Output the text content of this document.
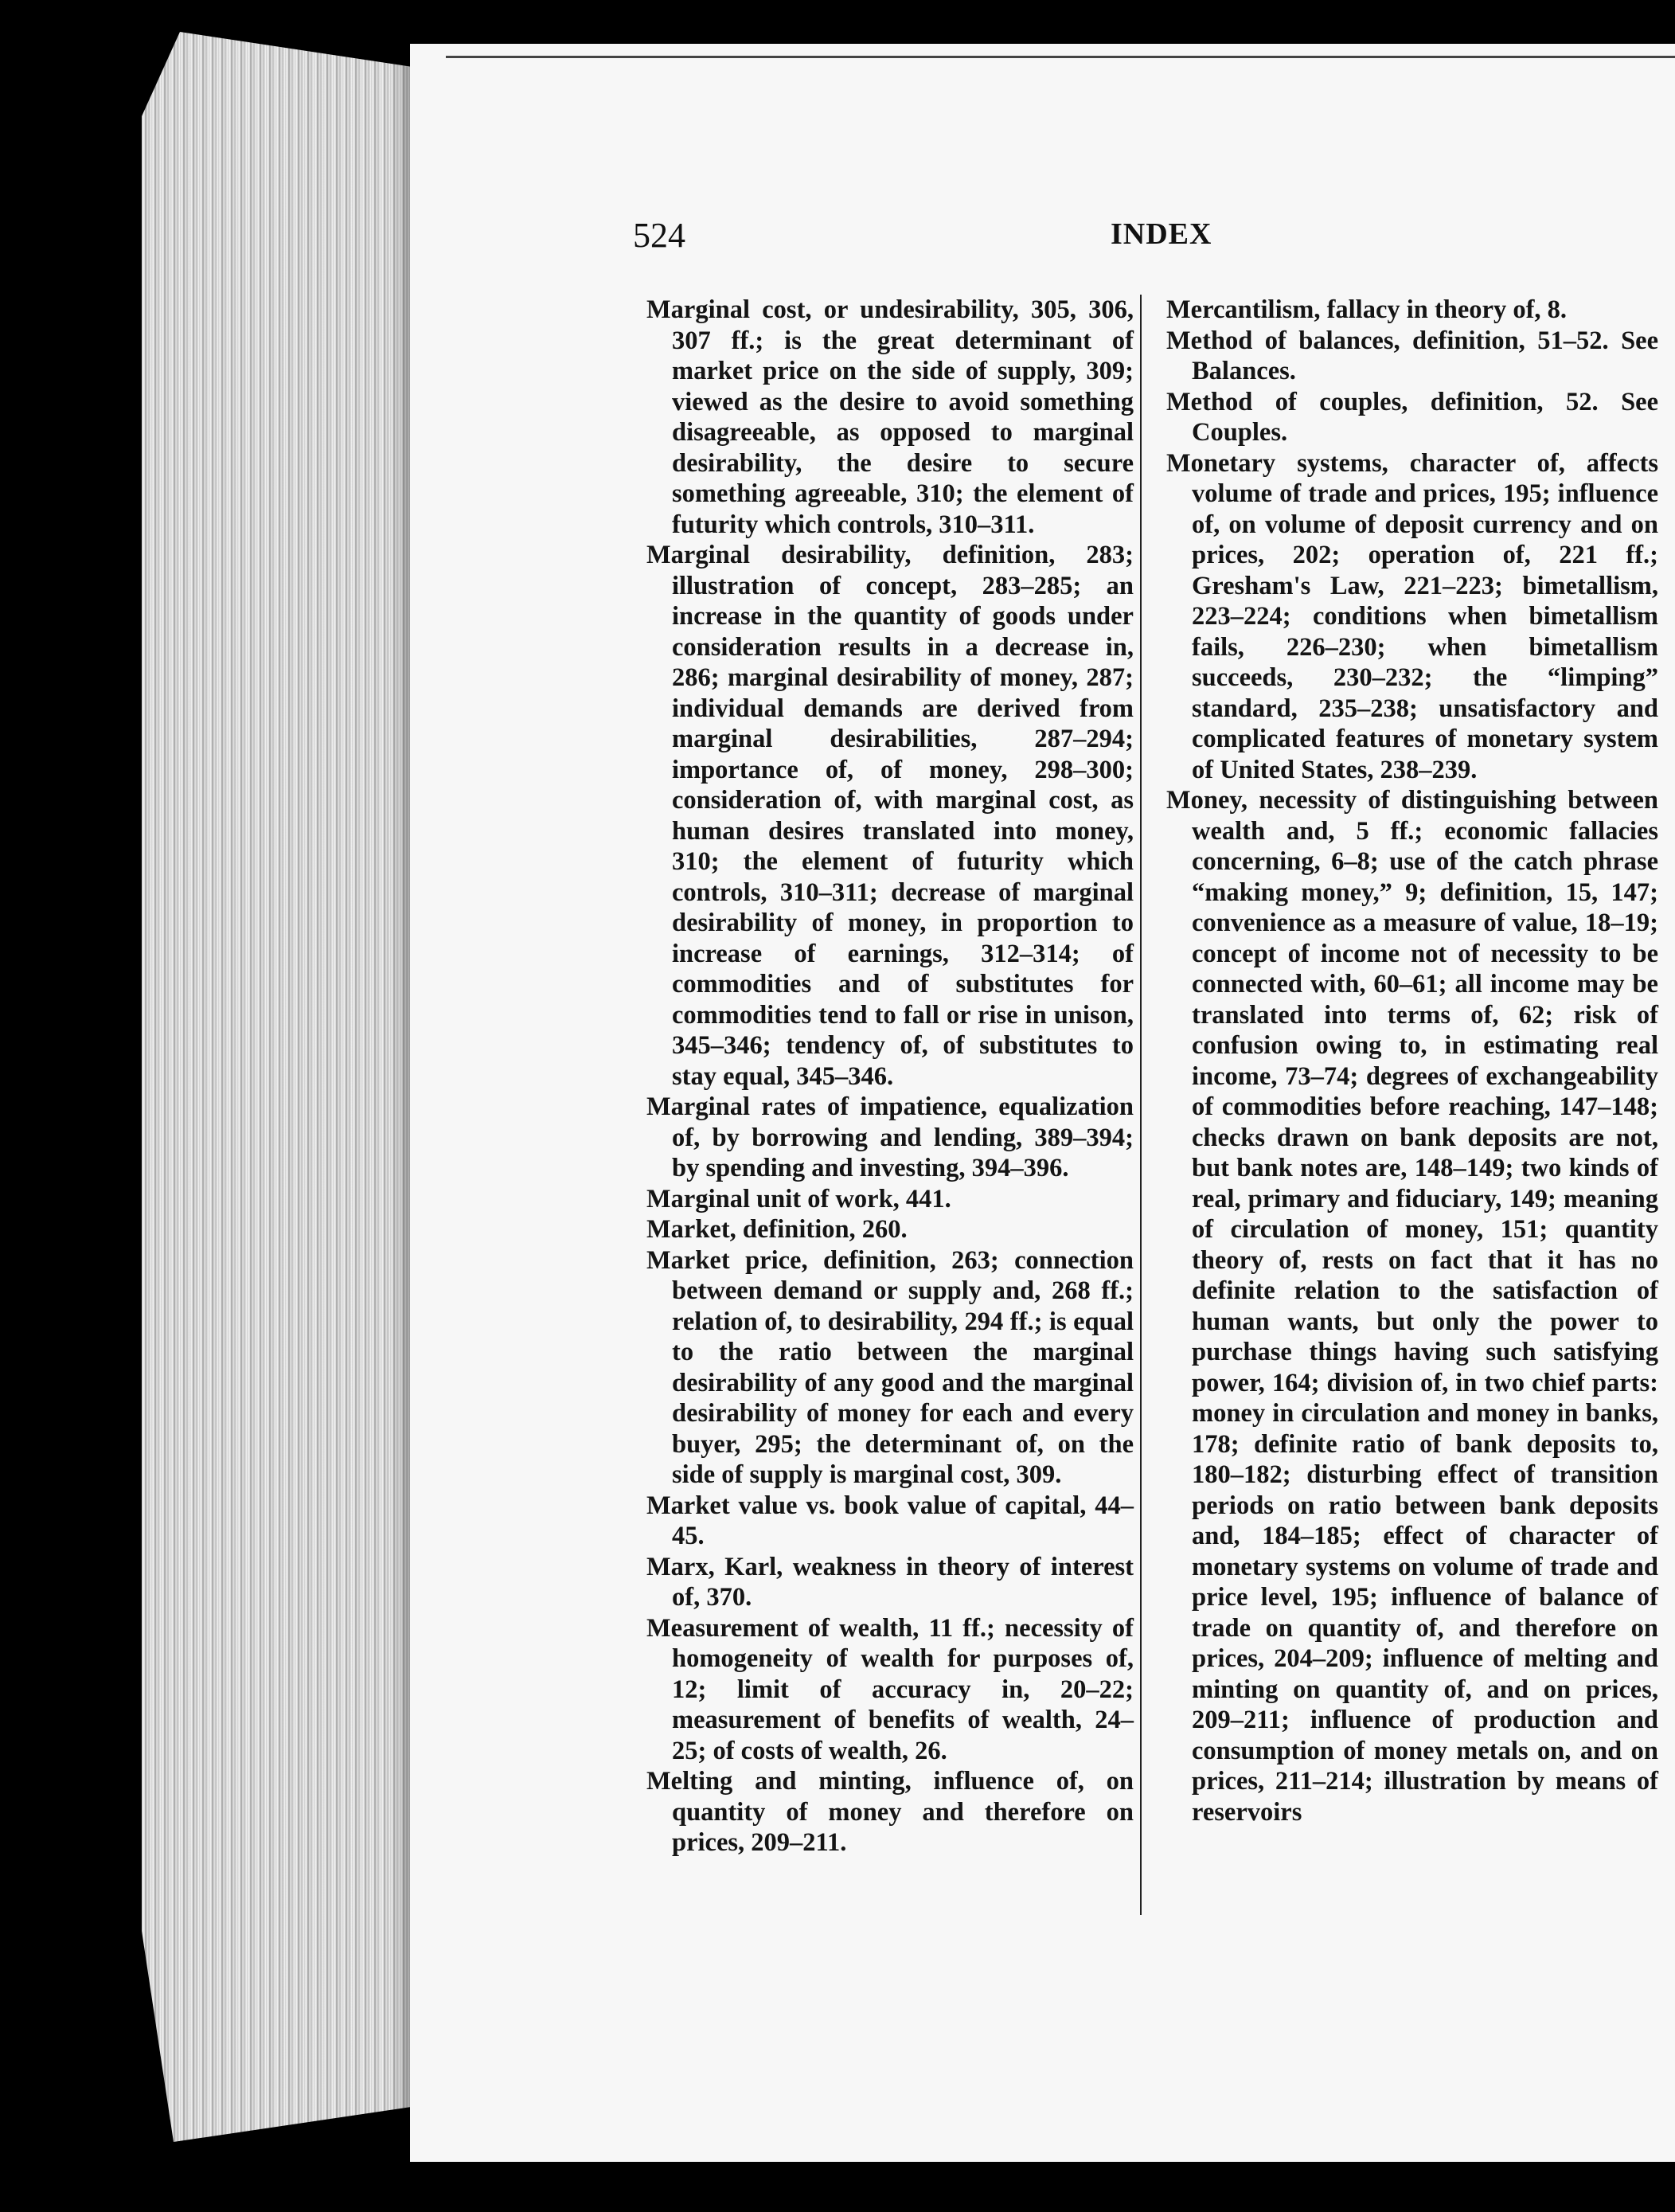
524	INDEX

Marginal cost, or undesirability, 305, 306, 307 ff.; is the great determinant of market price on the side of supply, 309; viewed as the desire to avoid something disagreeable, as opposed to marginal desirability, the desire to secure something agreeable, 310; the element of futurity which controls, 310–311.

Marginal desirability, definition, 283; illustration of concept, 283–285; an increase in the quantity of goods under consideration results in a decrease in, 286; marginal desirability of money, 287; individual demands are derived from marginal desirabilities, 287–294; importance of, of money, 298–300; consideration of, with marginal cost, as human desires translated into money, 310; the element of futurity which controls, 310–311; decrease of marginal desirability of money, in proportion to increase of earnings, 312–314; of commodities and of substitutes for commodities tend to fall or rise in unison, 345–346; tendency of, of substitutes to stay equal, 345–346.

Marginal rates of impatience, equalization of, by borrowing and lending, 389–394; by spending and investing, 394–396.

Marginal unit of work, 441.

Market, definition, 260.

Market price, definition, 263; connection between demand or supply and, 268 ff.; relation of, to desirability, 294 ff.; is equal to the ratio between the marginal desirability of any good and the marginal desirability of money for each and every buyer, 295; the determinant of, on the side of supply is marginal cost, 309.

Market value vs. book value of capital, 44–45.

Marx, Karl, weakness in theory of interest of, 370.

Measurement of wealth, 11 ff.; necessity of homogeneity of wealth for purposes of, 12; limit of accuracy in, 20–22; measurement of benefits of wealth, 24–25; of costs of wealth, 26.

Melting and minting, influence of, on quantity of money and therefore on prices, 209–211.

Mercantilism, fallacy in theory of, 8.

Method of balances, definition, 51–52. See Balances.

Method of couples, definition, 52. See Couples.

Monetary systems, character of, affects volume of trade and prices, 195; influence of, on volume of deposit currency and on prices, 202; operation of, 221 ff.; Gresham's Law, 221–223; bimetallism, 223–224; conditions when bimetallism fails, 226–230; when bimetallism succeeds, 230–232; the “limping” standard, 235–238; unsatisfactory and complicated features of monetary system of United States, 238–239.

Money, necessity of distinguishing between wealth and, 5 ff.; economic fallacies concerning, 6–8; use of the catch phrase “making money,” 9; definition, 15, 147; convenience as a measure of value, 18–19; concept of income not of necessity to be connected with, 60–61; all income may be translated into terms of, 62; risk of confusion owing to, in estimating real income, 73–74; degrees of exchangeability of commodities before reaching, 147–148; checks drawn on bank deposits are not, but bank notes are, 148–149; two kinds of real, primary and fiduciary, 149; meaning of circulation of money, 151; quantity theory of, rests on fact that it has no definite relation to the satisfaction of human wants, but only the power to purchase things having such satisfying power, 164; division of, in two chief parts: money in circulation and money in banks, 178; definite ratio of bank deposits to, 180–182; disturbing effect of transition periods on ratio between bank deposits and, 184–185; effect of character of monetary systems on volume of trade and price level, 195; influence of balance of trade on quantity of, and therefore on prices, 204–209; influence of melting and minting on quantity of, and on prices, 209–211; influence of production and consumption of money metals on, and on prices, 211–214; illustration by means of reservoirs
